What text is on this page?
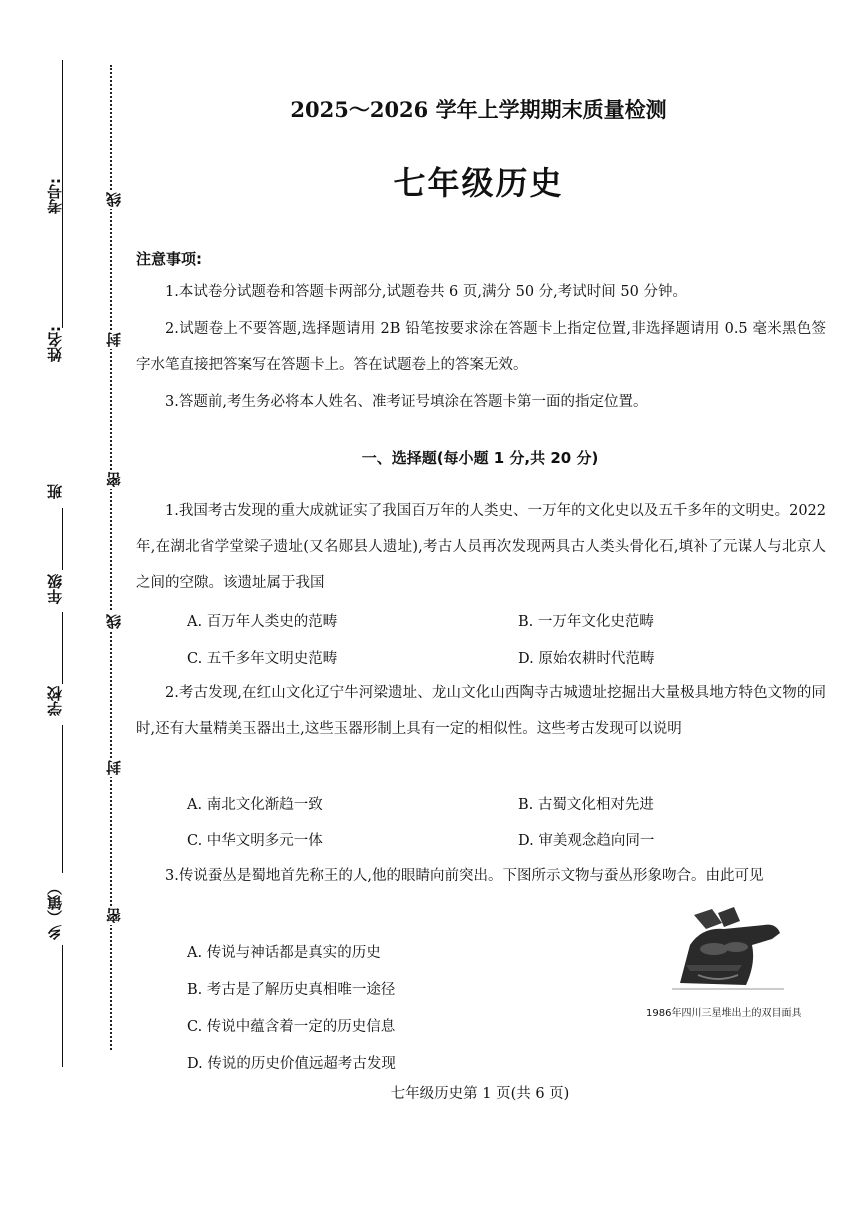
考号:
姓名:
班
年级
学校
乡（镇）
线
封
密
线
封
密
2025～2026 学年上学期期末质量检测
七年级历史
注意事项:
1.本试卷分试题卷和答题卡两部分,试题卷共 6 页,满分 50 分,考试时间 50 分钟。
2.试题卷上不要答题,选择题请用 2B 铅笔按要求涂在答题卡上指定位置,非选择题请用 0.5 毫米黑色签字水笔直接把答案写在答题卡上。答在试题卷上的答案无效。
3.答题前,考生务必将本人姓名、准考证号填涂在答题卡第一面的指定位置。
一、选择题(每小题 1 分,共 20 分)
1.我国考古发现的重大成就证实了我国百万年的人类史、一万年的文化史以及五千多年的文明史。2022 年,在湖北省学堂梁子遗址(又名郧县人遗址),考古人员再次发现两具古人类头骨化石,填补了元谋人与北京人之间的空隙。该遗址属于我国
A. 百万年人类史的范畴	B. 一万年文化史范畴
C. 五千多年文明史范畴	D. 原始农耕时代范畴
2.考古发现,在红山文化辽宁牛河梁遗址、龙山文化山西陶寺古城遗址挖掘出大量极具地方特色文物的同时,还有大量精美玉器出土,这些玉器形制上具有一定的相似性。这些考古发现可以说明
A. 南北文化渐趋一致	B. 古蜀文化相对先进
C. 中华文明多元一体	D. 审美观念趋向同一
3.传说蚕丛是蜀地首先称王的人,他的眼睛向前突出。下图所示文物与蚕丛形象吻合。由此可见
A. 传说与神话都是真实的历史
B. 考古是了解历史真相唯一途径
C. 传说中蕴含着一定的历史信息
D. 传说的历史价值远超考古发现
1986年四川三星堆出土的双目面具
七年级历史第 1 页(共 6 页)
